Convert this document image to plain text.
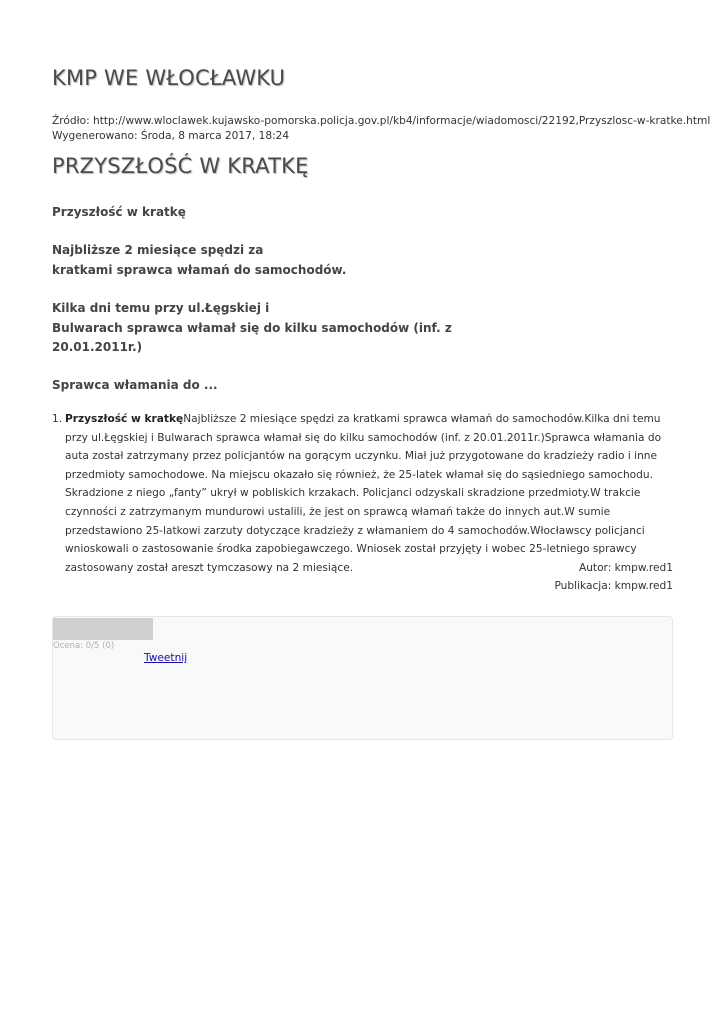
KMP WE WŁOCŁAWKU
Źródło: http://www.wloclawek.kujawsko-pomorska.policja.gov.pl/kb4/informacje/wiadomosci/22192,Przyszlosc-w-kratke.html
Wygenerowano: Środa, 8 marca 2017, 18:24
PRZYSZŁOŚĆ W KRATKĘ

Przyszłość w kratkę

Najbliższe 2 miesiące spędzi za
kratkami sprawca włamań do samochodów.

Kilka dni temu przy ul.Łęgskiej i
Bulwarach sprawca włamał się do kilku samochodów (inf. z
20.01.2011r.)

Sprawca włamania do ...

1. Przyszłość w kratkęNajbliższe 2 miesiące spędzi za kratkami sprawca włamań do samochodów.Kilka dni temu przy ul.Łęgskiej i Bulwarach sprawca włamał się do kilku samochodów (inf. z 20.01.2011r.)Sprawca włamania do auta został zatrzymany przez policjantów na gorącym uczynku. Miał już przygotowane do kradzieży radio i inne przedmioty samochodowe. Na miejscu okazało się również, że 25-latek włamał się do sąsiedniego samochodu. Skradzione z niego „fanty” ukrył w pobliskich krzakach. Policjanci odzyskali skradzione przedmioty.W trakcie czynności z zatrzymanym mundurowi ustalili, że jest on sprawcą włamań także do innych aut.W sumie przedstawiono 25-latkowi zarzuty dotyczące kradzieży z włamaniem do 4 samochodów.Włocławscy policjanci wnioskowali o zastosowanie środka zapobiegawczego. Wniosek został przyjęty i wobec 25-letniego sprawcy zastosowany został areszt tymczasowy na 2 miesiące.	Autor: kmpw.red1
Publikacja: kmpw.red1
Ocena: 0/5 (0)
Tweetnij
